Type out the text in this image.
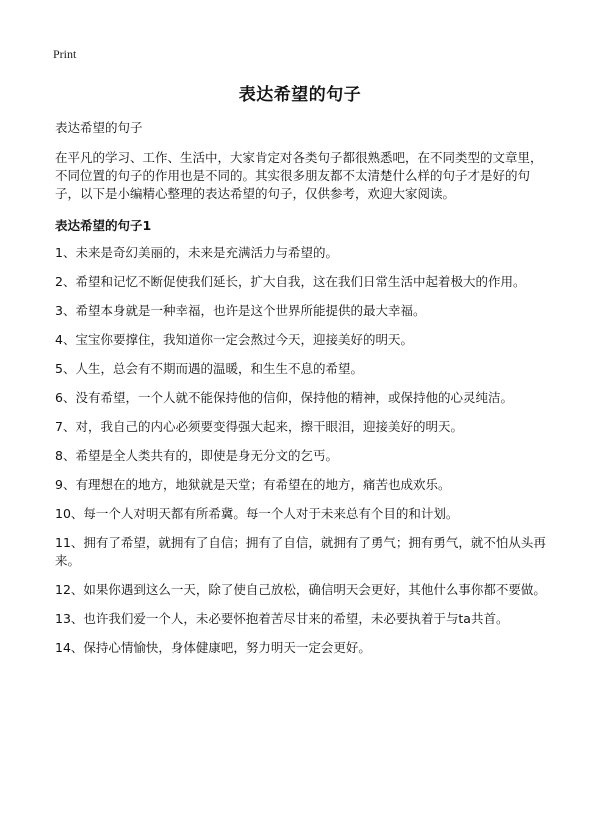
Print
表达希望的句子

表达希望的句子

在平凡的学习、工作、生活中，大家肯定对各类句子都很熟悉吧，在不同类型的文章里，不同位置的句子的作用也是不同的。其实很多朋友都不太清楚什么样的句子才是好的句子，以下是小编精心整理的表达希望的句子，仅供参考，欢迎大家阅读。

表达希望的句子1

1、未来是奇幻美丽的，未来是充满活力与希望的。

2、希望和记忆不断促使我们延长，扩大自我，这在我们日常生活中起着极大的作用。

3、希望本身就是一种幸福，也许是这个世界所能提供的最大幸福。

4、宝宝你要撑住，我知道你一定会熬过今天，迎接美好的明天。

5、人生，总会有不期而遇的温暖，和生生不息的希望。

6、没有希望，一个人就不能保持他的信仰，保持他的精神，或保持他的心灵纯洁。

7、对，我自己的内心必须要变得强大起来，擦干眼泪，迎接美好的明天。

8、希望是全人类共有的，即使是身无分文的乞丐。

9、有理想在的地方，地狱就是天堂；有希望在的地方，痛苦也成欢乐。

10、每一个人对明天都有所希冀。每一个人对于未来总有个目的和计划。

11、拥有了希望，就拥有了自信；拥有了自信，就拥有了勇气；拥有勇气，就不怕从头再来。

12、如果你遇到这么一天，除了使自己放松，确信明天会更好，其他什么事你都不要做。

13、也许我们爱一个人，未必要怀抱着苦尽甘来的希望，未必要执着于与ta共首。

14、保持心情愉快，身体健康吧，努力明天一定会更好。
